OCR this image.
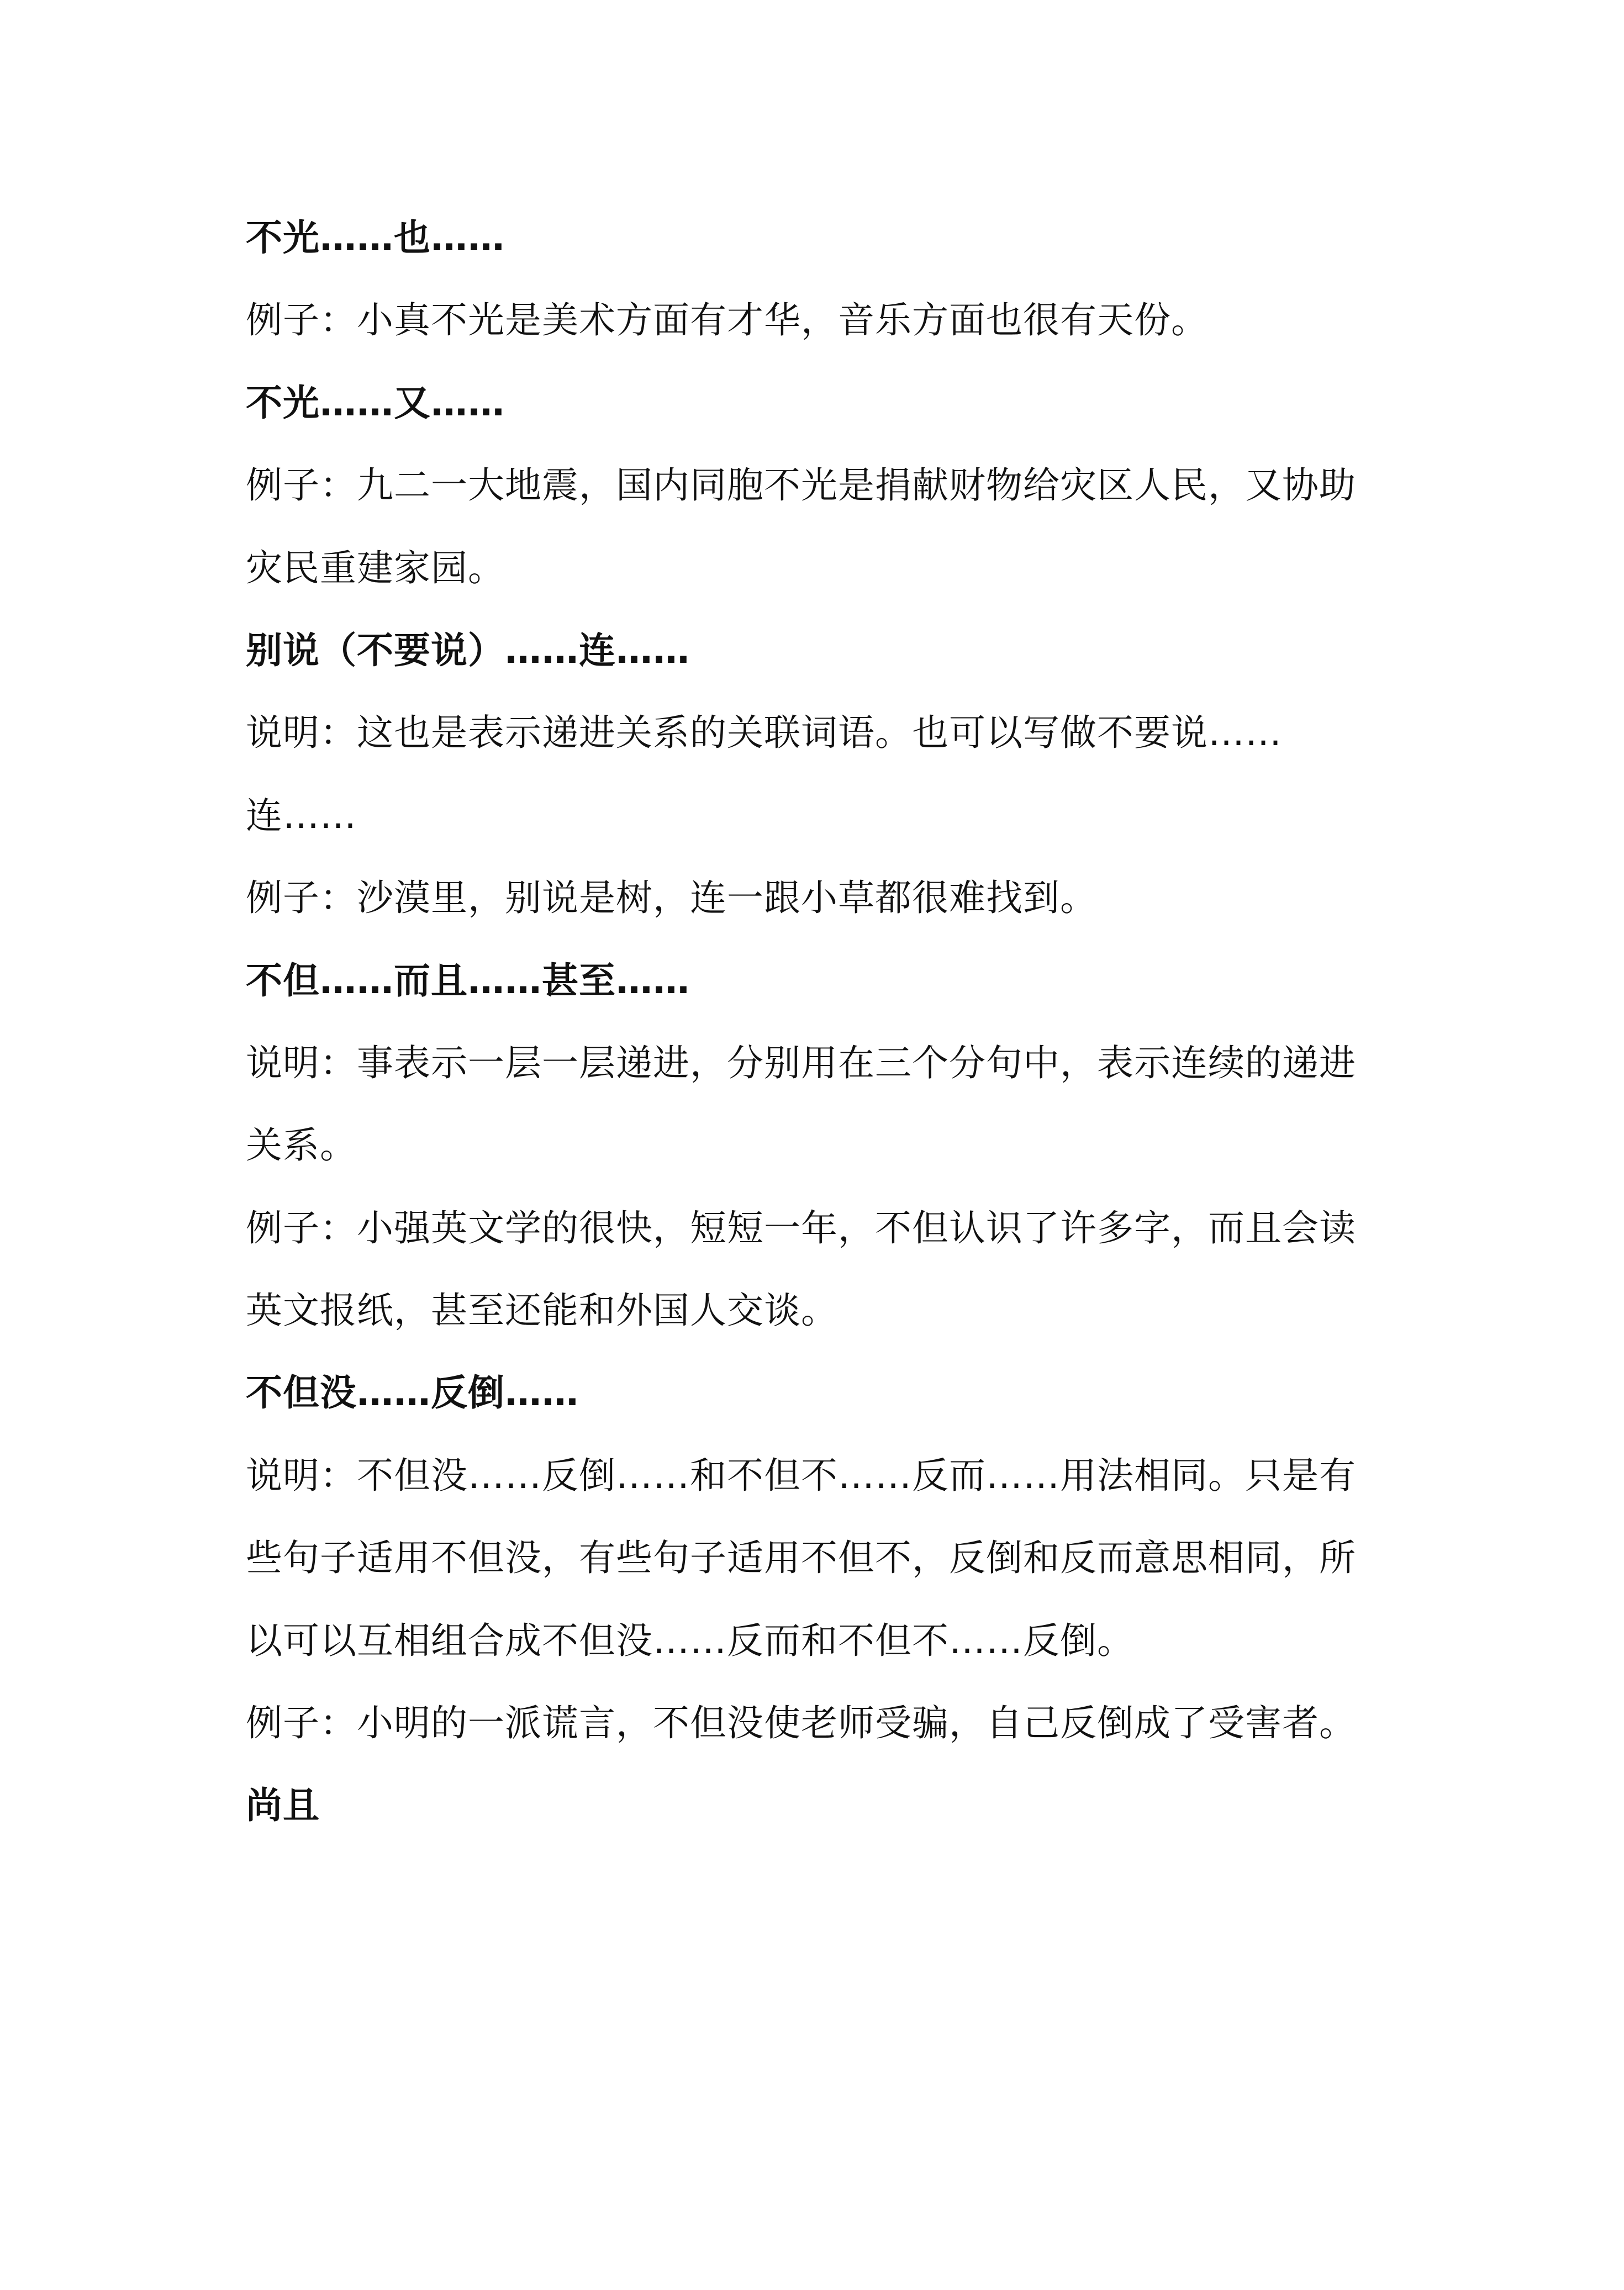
不光……也……
例子：小真不光是美术方面有才华，音乐方面也很有天份。
不光……又……
例子：九二一大地震，国内同胞不光是捐献财物给灾区人民，又协助
灾民重建家园。
别说（不要说）……连……
说明：这也是表示递进关系的关联词语。也可以写做不要说……
连……
例子：沙漠里，别说是树，连一跟小草都很难找到。
不但……而且……甚至……
说明：事表示一层一层递进，分别用在三个分句中，表示连续的递进
关系。
例子：小强英文学的很快，短短一年，不但认识了许多字，而且会读
英文报纸，甚至还能和外国人交谈。
不但没……反倒……
说明：不但没……反倒……和不但不……反而……用法相同。只是有
些句子适用不但没，有些句子适用不但不，反倒和反而意思相同，所
以可以互相组合成不但没……反而和不但不……反倒。
例子：小明的一派谎言，不但没使老师受骗，自己反倒成了受害者。
尚且
